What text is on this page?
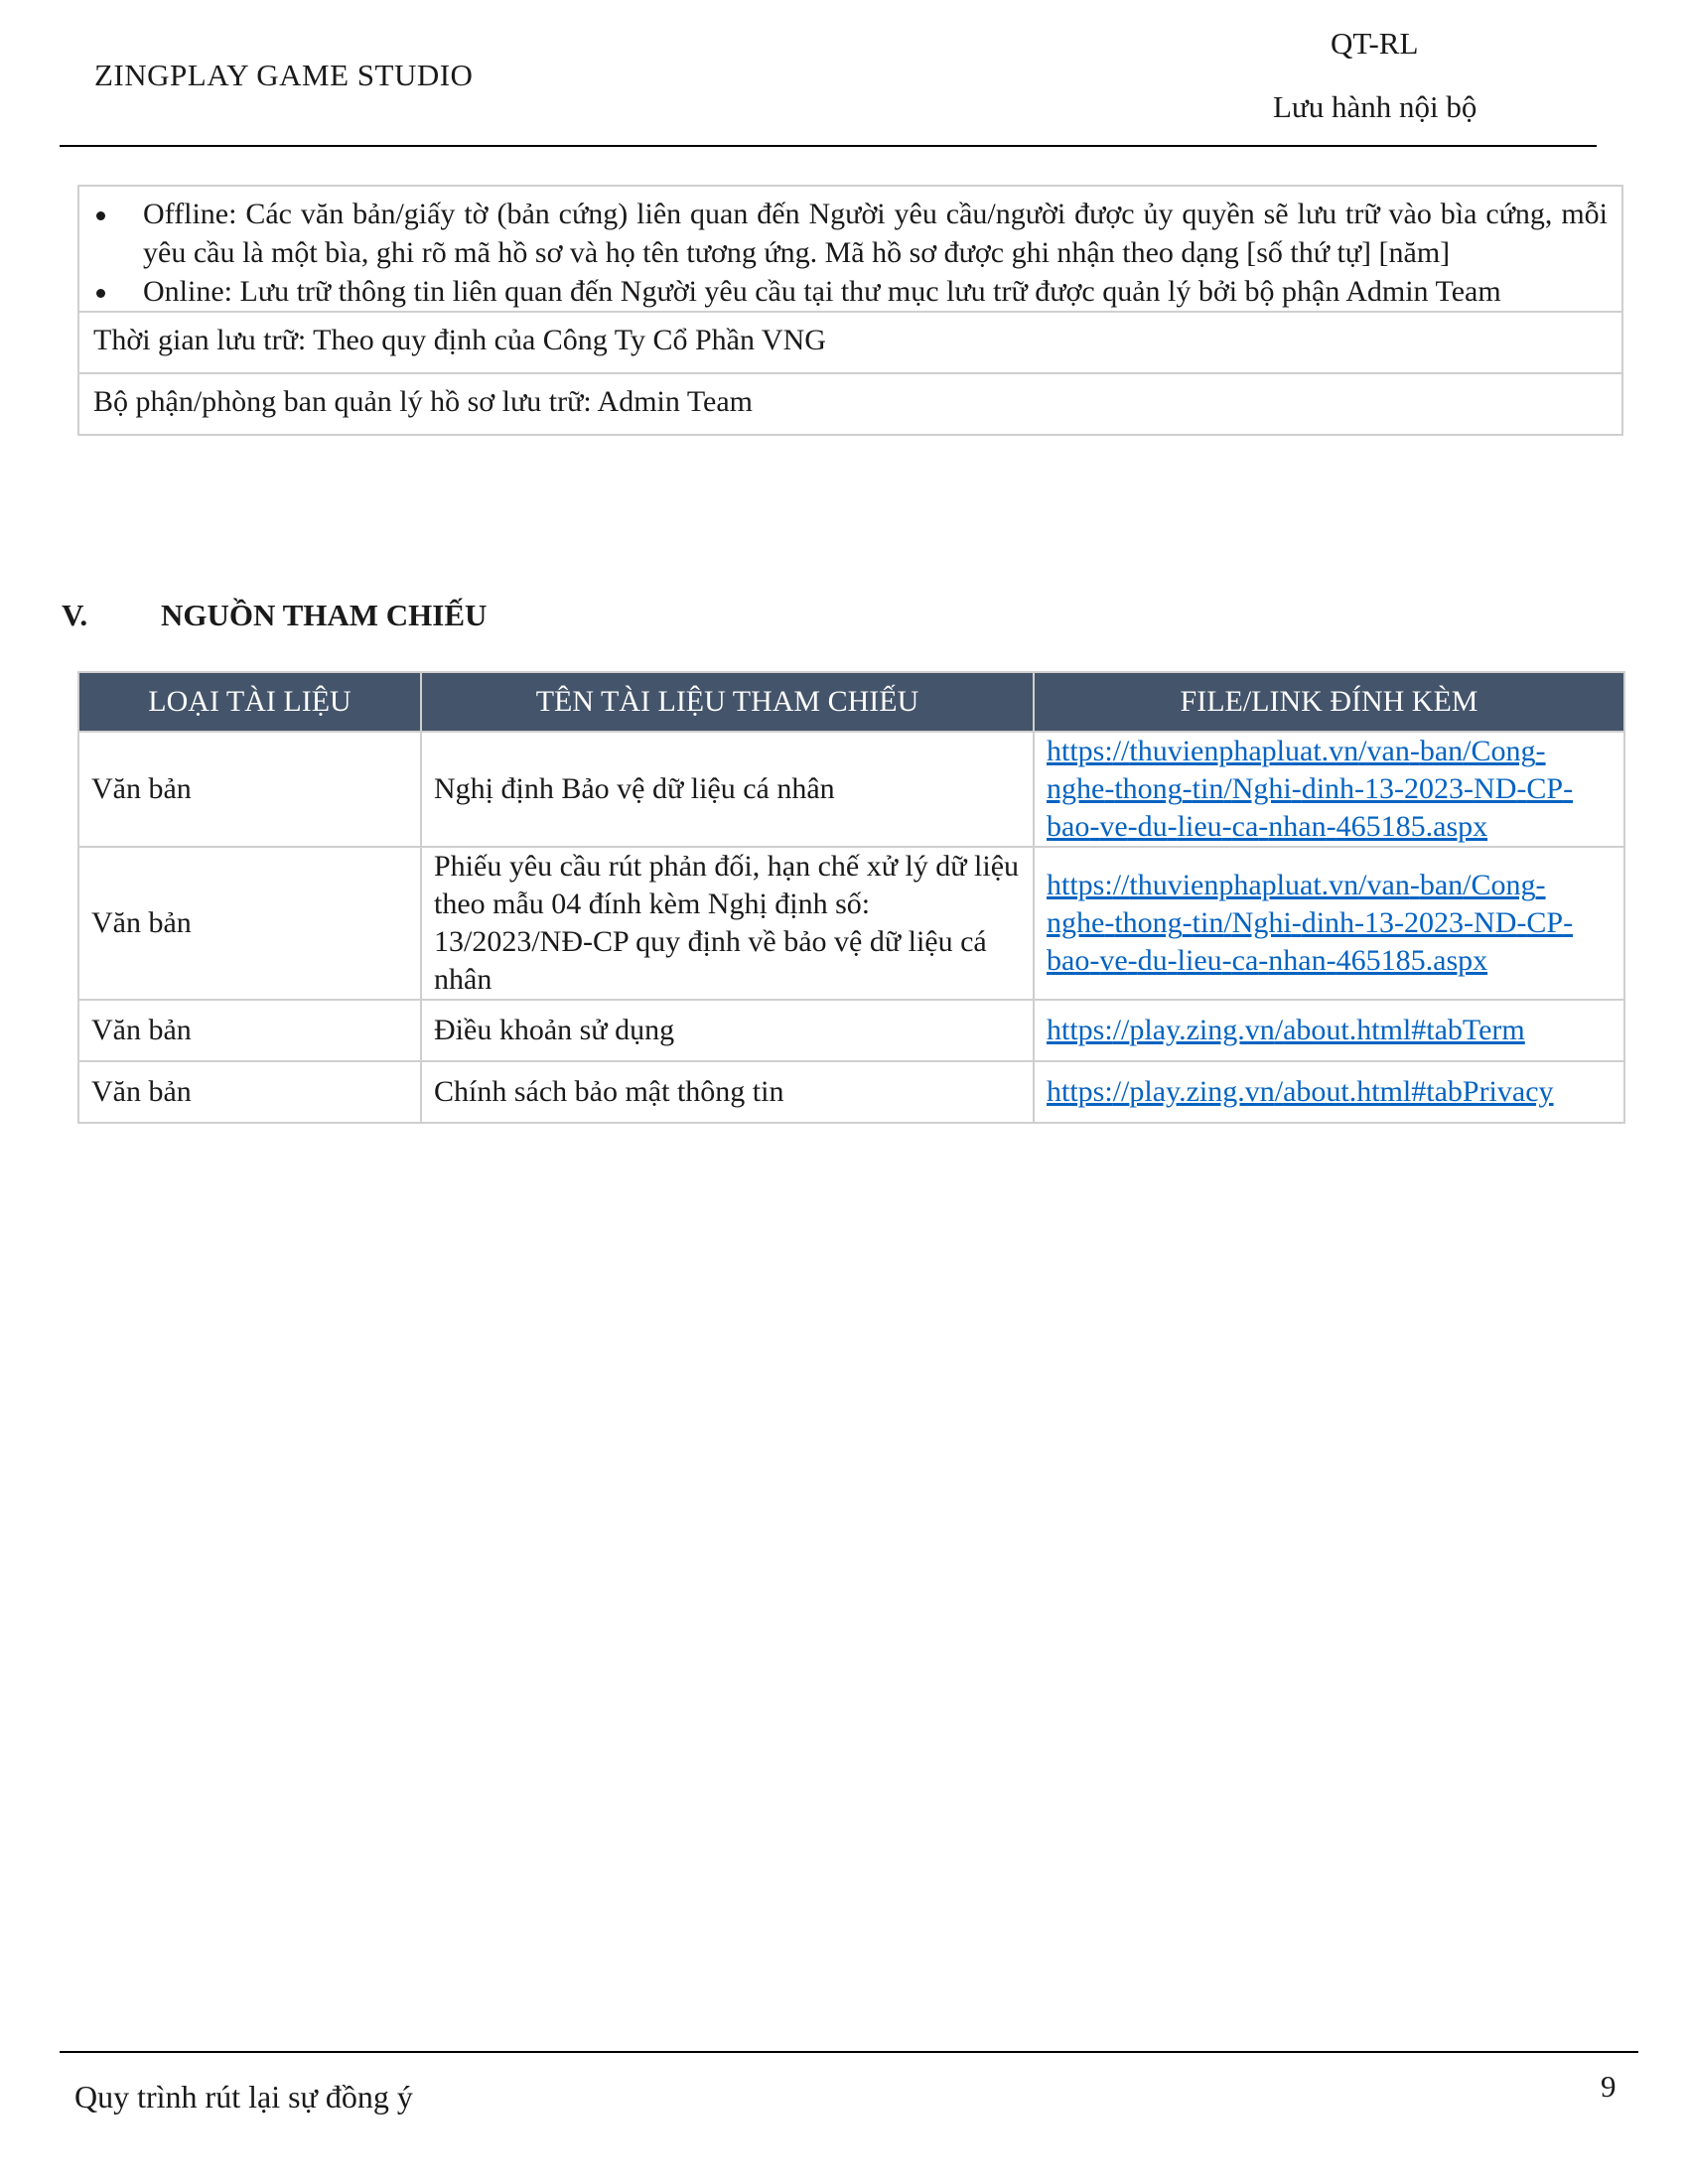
ZINGPLAY GAME STUDIO
QT-RL
Lưu hành nội bộ
Offline: Các văn bản/giấy tờ (bản cứng) liên quan đến Người yêu cầu/người được ủy quyền sẽ lưu trữ vào bìa cứng, mỗi yêu cầu là một bìa, ghi rõ mã hồ sơ và họ tên tương ứng. Mã hồ sơ được ghi nhận theo dạng [số thứ tự] [năm]
Online: Lưu trữ thông tin liên quan đến Người yêu cầu tại thư mục lưu trữ được quản lý bởi bộ phận Admin Team
Thời gian lưu trữ: Theo quy định của Công Ty Cổ Phần VNG
Bộ phận/phòng ban quản lý hồ sơ lưu trữ: Admin Team
V. NGUỒN THAM CHIẾU
LOẠI TÀI LIỆU	TÊN TÀI LIỆU THAM CHIẾU	FILE/LINK ĐÍNH KÈM
Văn bản	Nghị định Bảo vệ dữ liệu cá nhân	https://thuvienphapluat.vn/van-ban/Cong-nghe-thong-tin/Nghi-dinh-13-2023-ND-CP-bao-ve-du-lieu-ca-nhan-465185.aspx
Văn bản	Phiếu yêu cầu rút phản đối, hạn chế xử lý dữ liệu theo mẫu 04 đính kèm Nghị định số: 13/2023/NĐ-CP quy định về bảo vệ dữ liệu cá nhân	https://thuvienphapluat.vn/van-ban/Cong-nghe-thong-tin/Nghi-dinh-13-2023-ND-CP-bao-ve-du-lieu-ca-nhan-465185.aspx
Văn bản	Điều khoản sử dụng	https://play.zing.vn/about.html#tabTerm
Văn bản	Chính sách bảo mật thông tin	https://play.zing.vn/about.html#tabPrivacy
Quy trình rút lại sự đồng ý	9
